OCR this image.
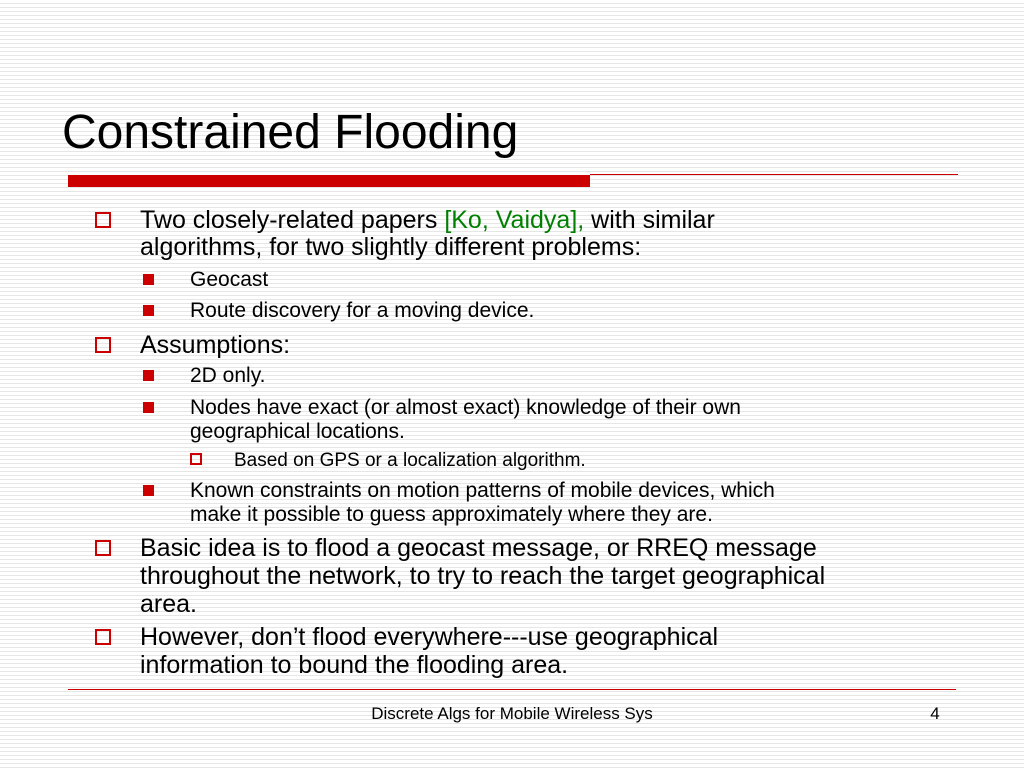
Constrained Flooding
Two closely-related papers [Ko, Vaidya], with similar
algorithms, for two slightly different problems:
Geocast
Route discovery for a moving device.
Assumptions:
2D only.
Nodes have exact (or almost exact) knowledge of their own
geographical locations.
Based on GPS or a localization algorithm.
Known constraints on motion patterns of mobile devices, which
make it possible to guess approximately where they are.
Basic idea is to flood a geocast message, or RREQ message
throughout the network, to try to reach the target geographical
area.
However, don’t flood everywhere---use geographical
information to bound the flooding area.
Discrete Algs for Mobile Wireless Sys	4
